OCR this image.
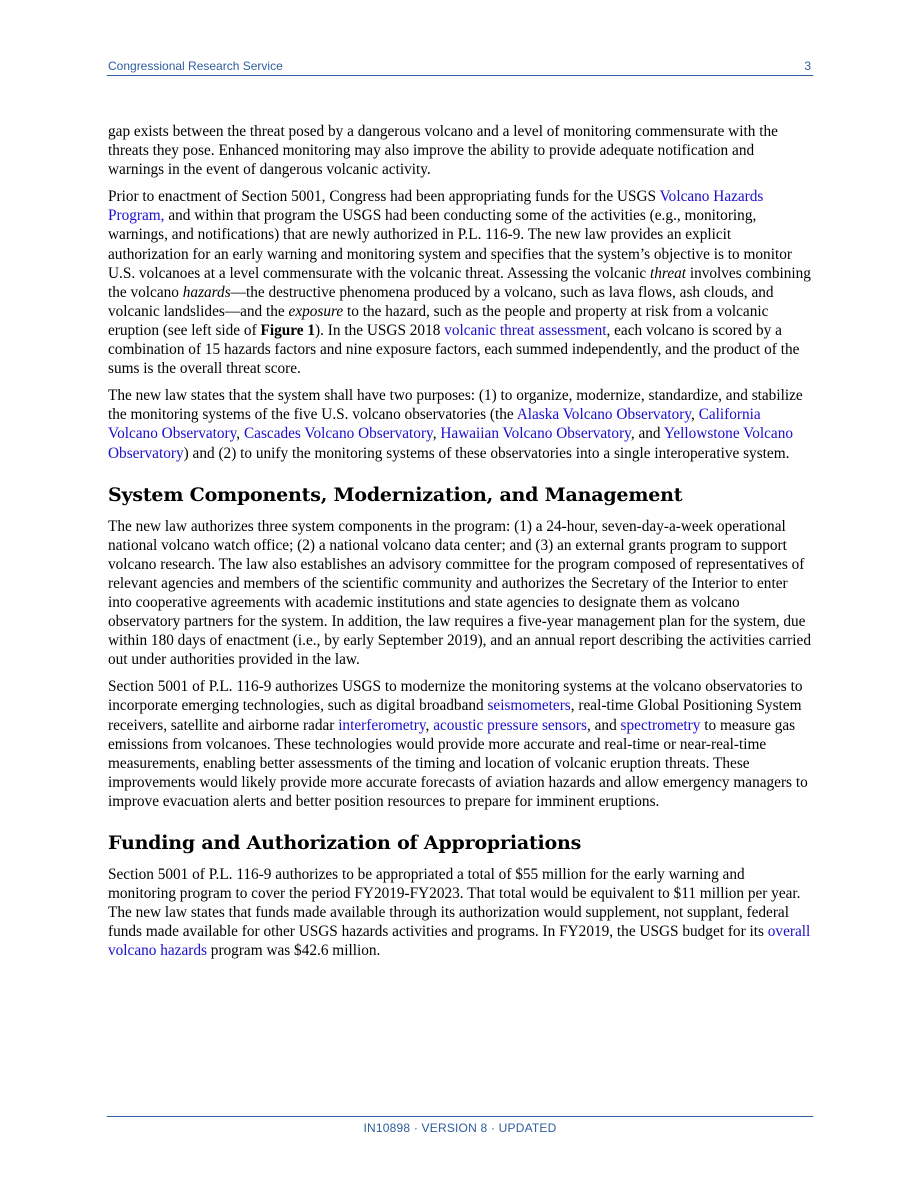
Congressional Research Service	3

gap exists between the threat posed by a dangerous volcano and a level of monitoring commensurate with the threats they pose. Enhanced monitoring may also improve the ability to provide adequate notification and warnings in the event of dangerous volcanic activity.

Prior to enactment of Section 5001, Congress had been appropriating funds for the USGS Volcano Hazards Program, and within that program the USGS had been conducting some of the activities (e.g., monitoring, warnings, and notifications) that are newly authorized in P.L. 116-9. The new law provides an explicit authorization for an early warning and monitoring system and specifies that the system’s objective is to monitor U.S. volcanoes at a level commensurate with the volcanic threat. Assessing the volcanic threat involves combining the volcano hazards—the destructive phenomena produced by a volcano, such as lava flows, ash clouds, and volcanic landslides—and the exposure to the hazard, such as the people and property at risk from a volcanic eruption (see left side of Figure 1). In the USGS 2018 volcanic threat assessment, each volcano is scored by a combination of 15 hazards factors and nine exposure factors, each summed independently, and the product of the sums is the overall threat score.

The new law states that the system shall have two purposes: (1) to organize, modernize, standardize, and stabilize the monitoring systems of the five U.S. volcano observatories (the Alaska Volcano Observatory, California Volcano Observatory, Cascades Volcano Observatory, Hawaiian Volcano Observatory, and Yellowstone Volcano Observatory) and (2) to unify the monitoring systems of these observatories into a single interoperative system.

System Components, Modernization, and Management

The new law authorizes three system components in the program: (1) a 24-hour, seven-day-a-week operational national volcano watch office; (2) a national volcano data center; and (3) an external grants program to support volcano research. The law also establishes an advisory committee for the program composed of representatives of relevant agencies and members of the scientific community and authorizes the Secretary of the Interior to enter into cooperative agreements with academic institutions and state agencies to designate them as volcano observatory partners for the system. In addition, the law requires a five-year management plan for the system, due within 180 days of enactment (i.e., by early September 2019), and an annual report describing the activities carried out under authorities provided in the law.

Section 5001 of P.L. 116-9 authorizes USGS to modernize the monitoring systems at the volcano observatories to incorporate emerging technologies, such as digital broadband seismometers, real-time Global Positioning System receivers, satellite and airborne radar interferometry, acoustic pressure sensors, and spectrometry to measure gas emissions from volcanoes. These technologies would provide more accurate and real-time or near-real-time measurements, enabling better assessments of the timing and location of volcanic eruption threats. These improvements would likely provide more accurate forecasts of aviation hazards and allow emergency managers to improve evacuation alerts and better position resources to prepare for imminent eruptions.

Funding and Authorization of Appropriations

Section 5001 of P.L. 116-9 authorizes to be appropriated a total of $55 million for the early warning and monitoring program to cover the period FY2019-FY2023. That total would be equivalent to $11 million per year. The new law states that funds made available through its authorization would supplement, not supplant, federal funds made available for other USGS hazards activities and programs. In FY2019, the USGS budget for its overall volcano hazards program was $42.6 million.

IN10898 · VERSION 8 · UPDATED
